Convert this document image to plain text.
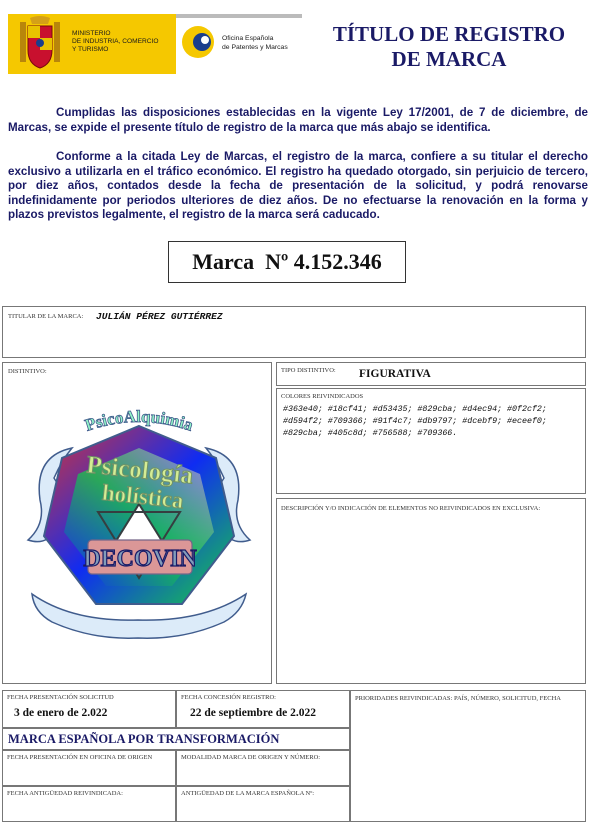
MINISTERIO
DE INDUSTRIA, COMERCIO
Y TURISMO
Oficina Española
de Patentes y Marcas
TÍTULO DE REGISTRO
DE MARCA
Cumplidas las disposiciones establecidas en la vigente Ley 17/2001, de 7 de diciembre, de Marcas, se expide el presente título de registro de la marca que más abajo se identifica.
Conforme a la citada Ley de Marcas, el registro de la marca, confiere a su titular el derecho exclusivo a utilizarla en el tráfico económico. El registro ha quedado otorgado, sin perjuicio de tercero, por diez años, contados desde la fecha de presentación de la solicitud, y podrá renovarse indefinidamente por periodos ulteriores de diez años. De no efectuarse la renovación en la forma y plazos previstos legalmente, el registro de la marca será caducado.
Marca  Nº 4.152.346
TITULAR DE LA MARCA: JULIÁN PÉREZ GUTIÉRREZ
DISTINTIVO:
PsicoAlquimia
Psicología
holística
DECOVIN
TIPO DISTINTIVO: FIGURATIVA
COLORES REIVINDICADOS
#363e40; #18cf41; #d53435; #829cba; #d4ec94; #0f2cf2; #d594f2; #709366; #91f4c7; #db9797; #dcebf9; #eceef0; #829cba; #405c8d; #756588; #709366.
DESCRIPCIÓN Y/O INDICACIÓN DE ELEMENTOS NO REIVINDICADOS EN EXCLUSIVA:
FECHA PRESENTACIÓN SOLICITUD
3 de enero de 2.022
FECHA CONCESIÓN REGISTRO:
22 de septiembre de 2.022
PRIORIDADES REIVINDICADAS: PAÍS, NÚMERO, SOLICITUD, FECHA
MARCA ESPAÑOLA POR TRANSFORMACIÓN
FECHA PRESENTACIÓN EN OFICINA DE ORIGEN	MODALIDAD MARCA DE ORIGEN Y NÚMERO:
FECHA ANTIGÜEDAD REIVINDICADA:	ANTIGÜEDAD DE LA MARCA ESPAÑOLA Nº:
